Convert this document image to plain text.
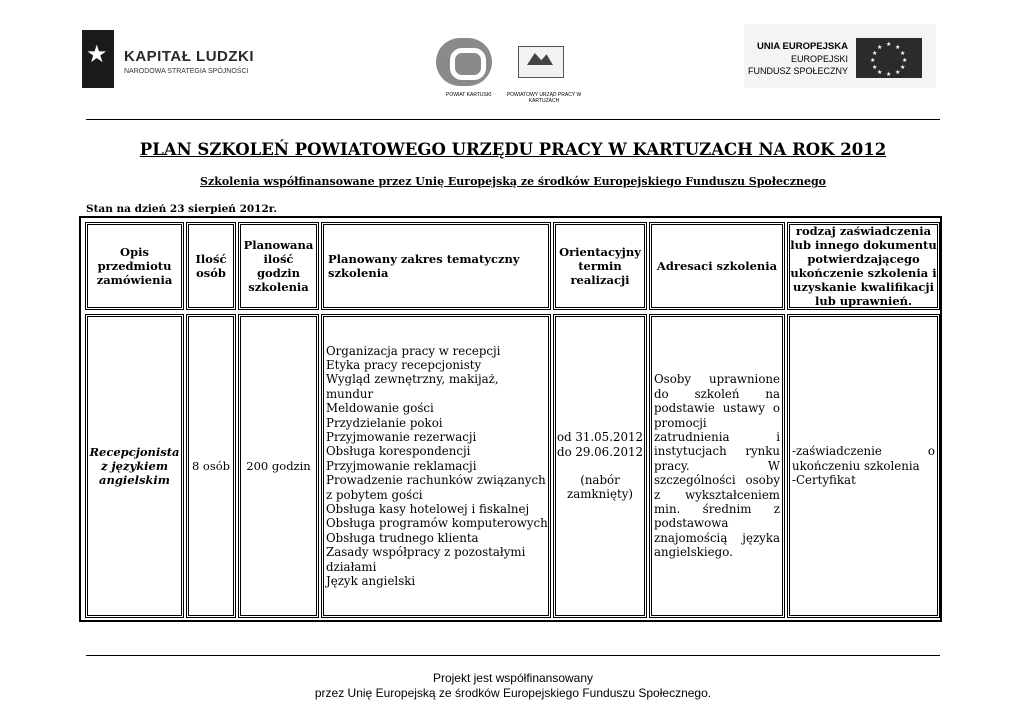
★
KAPITAŁ LUDZKI
NARODOWA STRATEGIA SPÓJNOŚCI
POWIAT KARTUSKI	POWIATOWY URZĄD PRACY W KARTUZACH
UNIA EUROPEJSKA
EUROPEJSKI
FUNDUSZ SPOŁECZNY
★ ★
★
★
★
★
★
★
★
★
★
★
PLAN SZKOLEŃ POWIATOWEGO URZĘDU PRACY W KARTUZACH NA ROK 2012
Szkolenia współfinansowane przez Unię Europejską ze środków Europejskiego Funduszu Społecznego
Stan na dzień 23 sierpień 2012r.
Opis przedmiotu zamówienia
Ilość osób
Planowana ilość godzin szkolenia
Planowany zakres tematyczny szkolenia
Orientacyjny termin realizacji
Adresaci szkolenia
rodzaj zaświadczenia lub innego dokumentu potwierdzającego ukończenie szkolenia i uzyskanie kwalifikacji lub uprawnień.
Recepcjonista z językiem angielskim
8 osób 200 godzin
Organizacja pracy w recepcji
Etyka pracy recepcjonisty
Wygląd zewnętrzny, makijaż, mundur
Meldowanie gości
Przydzielanie pokoi
Przyjmowanie rezerwacji
Obsługa korespondencji
Przyjmowanie reklamacji
Prowadzenie rachunków związanych z pobytem gości
Obsługa kasy hotelowej i fiskalnej
Obsługa programów komputerowych
Obsługa trudnego klienta
Zasady współpracy z pozostałymi działami
Język angielski
od 31.05.2012
do 29.06.2012
(nabór zamknięty)
Osoby uprawnione do szkoleń na podstawie ustawy o promocji zatrudnienia i instytucjach rynku pracy. W szczególności osoby z wykształceniem min. średnim z podstawowa znajomością języka angielskiego.
-zaświadczenie o ukończeniu szkolenia
-Certyfikat
Projekt jest współfinansowany
przez Unię Europejską ze środków Europejskiego Funduszu Społecznego.
